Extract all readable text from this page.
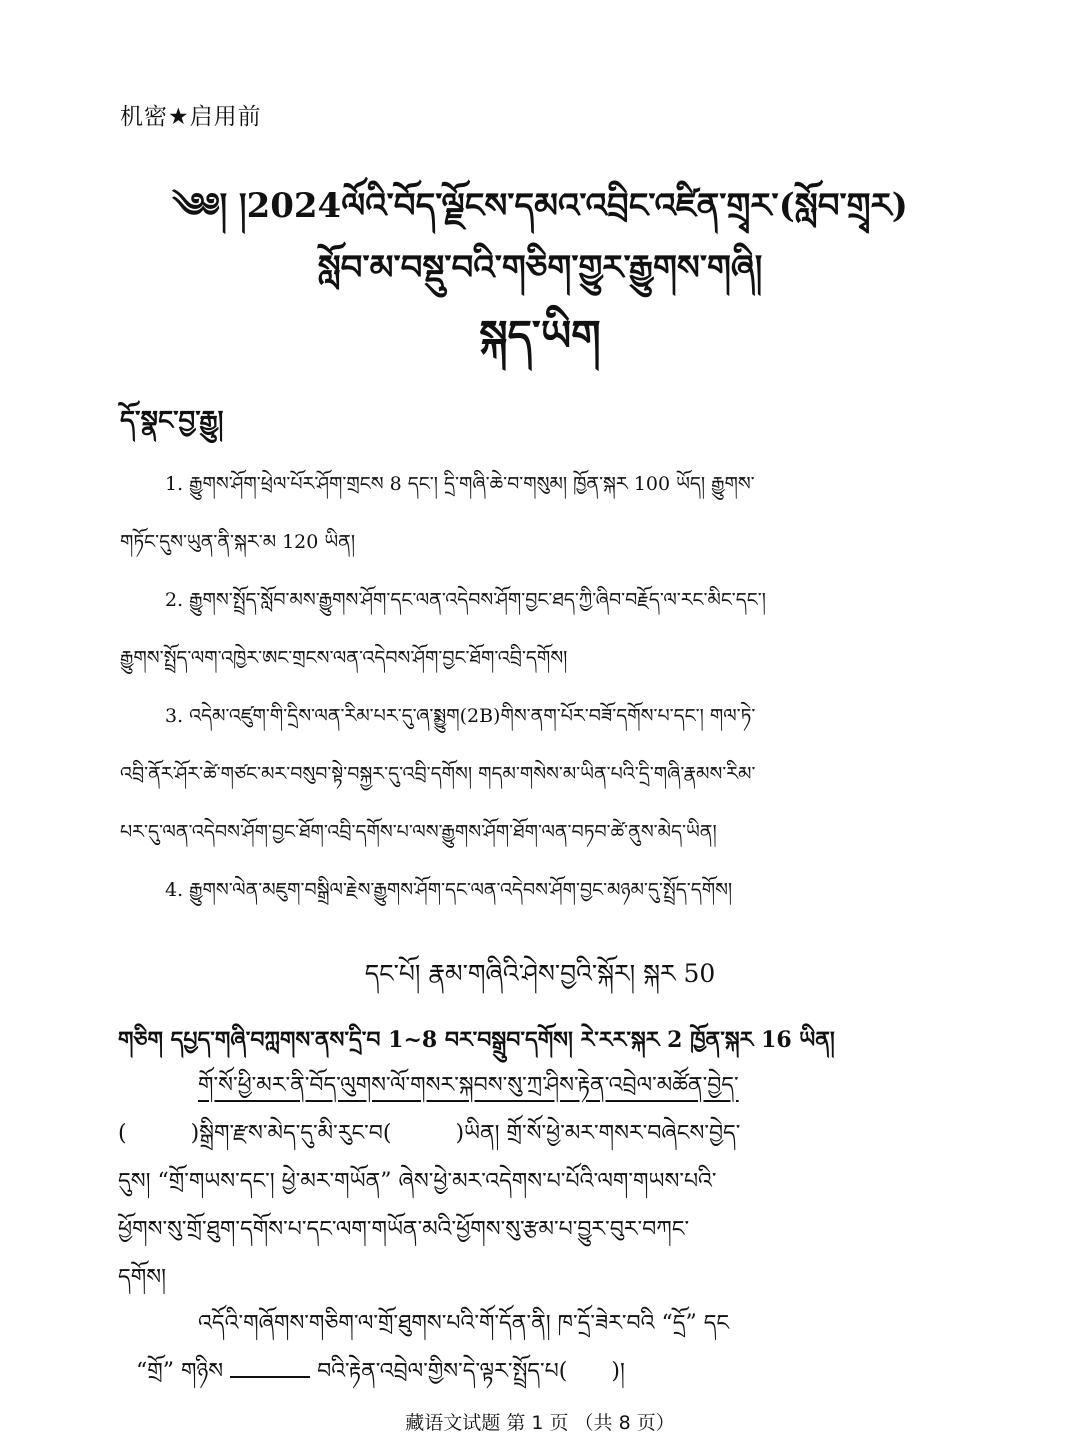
机密★启用前
༄༅། །2024ལོའི་བོད་ལྗོངས་དམའ་འབྲིང་འཛིན་གྲྭར་(སློབ་གྲྭར)
སློབ་མ་བསྡུ་བའི་གཅིག་གྱུར་རྒྱུགས་གཞི།
སྐད་ཡིག
དོ་སྣང་བྱ་རྒྱུ།
1. རྒྱུགས་ཤོག་ཕྲེལ་པོར་ཤོག་གྲངས 8 དང་། དྲི་གཞི་ཆེ་བ་གསུམ། ཁྱོན་སྐར 100 ཡོད། རྒྱུགས་
གཏོང་དུས་ཡུན་ནི་སྐར་མ 120 ཡིན།
2. རྒྱུགས་སྤྲོད་སློབ་མས་རྒྱུགས་ཤོག་དང་ལན་འདེབས་ཤོག་བྱང་ཐད་ཀྱི་ཞིབ་བརྗོད་ལ་རང་མིང་དང་།
རྒྱུགས་སྤྲོད་ལག་འཁྱེར་ཨང་གྲངས་ལན་འདེབས་ཤོག་བྱང་ཐོག་འབྲི་དགོས།
3. འདེམ་འཛུག་གི་དྲིས་ལན་རིམ་པར་དུ་ཞ་སྨྱུག(2B)གིས་ནག་པོར་བཟོ་དགོས་པ་དང་། གལ་ཏེ་
འབྲི་ནོར་ཤོར་ཚེ་གཙང་མར་བསུབ་སྟེ་བསྐྱར་དུ་འབྲི་དགོས། གདམ་གསེས་མ་ཡིན་པའི་དྲི་གཞི་རྣམས་རིམ་
པར་དུ་ལན་འདེབས་ཤོག་བྱང་ཐོག་འབྲི་དགོས་པ་ལས་རྒྱུགས་ཤོག་ཐོག་ལན་བཏབ་ཚེ་ནུས་མེད་ཡིན།
4. རྒྱུགས་ལེན་མཇུག་བསྒྲིལ་རྗེས་རྒྱུགས་ཤོག་དང་ལན་འདེབས་ཤོག་བྱང་མཉམ་དུ་སྤྲོད་དགོས།
དང་པོ། རྣམ་གཞིའི་ཤེས་བྱའི་སྐོར། སྐར 50
གཅིག དཔྱད་གཞི་བཀླགས་ནས་དྲི་བ 1~8 བར་བསྒྲུབ་དགོས། རེ་རར་སྐར 2 ཁྱོན་སྐར 16 ཡིན།
གོ་སོ་ཕྱི་མར་ནི་བོད་ལུགས་ལོ་གསར་སྐབས་སུ་ཀྲ་ཤིས་རྟེན་འབྲེལ་མཚོན་བྱེད་
(	)སྒྲིག་རྫས་མེད་དུ་མི་རུང་བ(	)ཡིན། གྲོ་སོ་ཕྱེ་མར་གསར་བཞེངས་བྱེད་
དུས། “གྲོ་གཡས་དང་། ཕྱེ་མར་གཡོན” ཞེས་ཕྱེ་མར་འདེགས་པ་པོའི་ལག་གཡས་པའི་
ཕྱོགས་སུ་གྲོ་ཐུག་དགོས་པ་དང་ལག་གཡོན་མའི་ཕྱོགས་སུ་རྩམ་པ་བྱུར་བུར་བཀང་
དགོས།
འདོའི་གཞོགས་གཅིག་ལ་གྲོ་ཐུགས་པའི་གོ་དོན་ནི། ཁ་དྲོ་ཟེར་བའི “དྲོ” དང
“གྲོ” གཉིས	བའི་རྟེན་འབྲེལ་གྱིས་དེ་ལྟར་སྤྲོད་པ( )།
藏语文试题 第 1 页 （共 8 页）
